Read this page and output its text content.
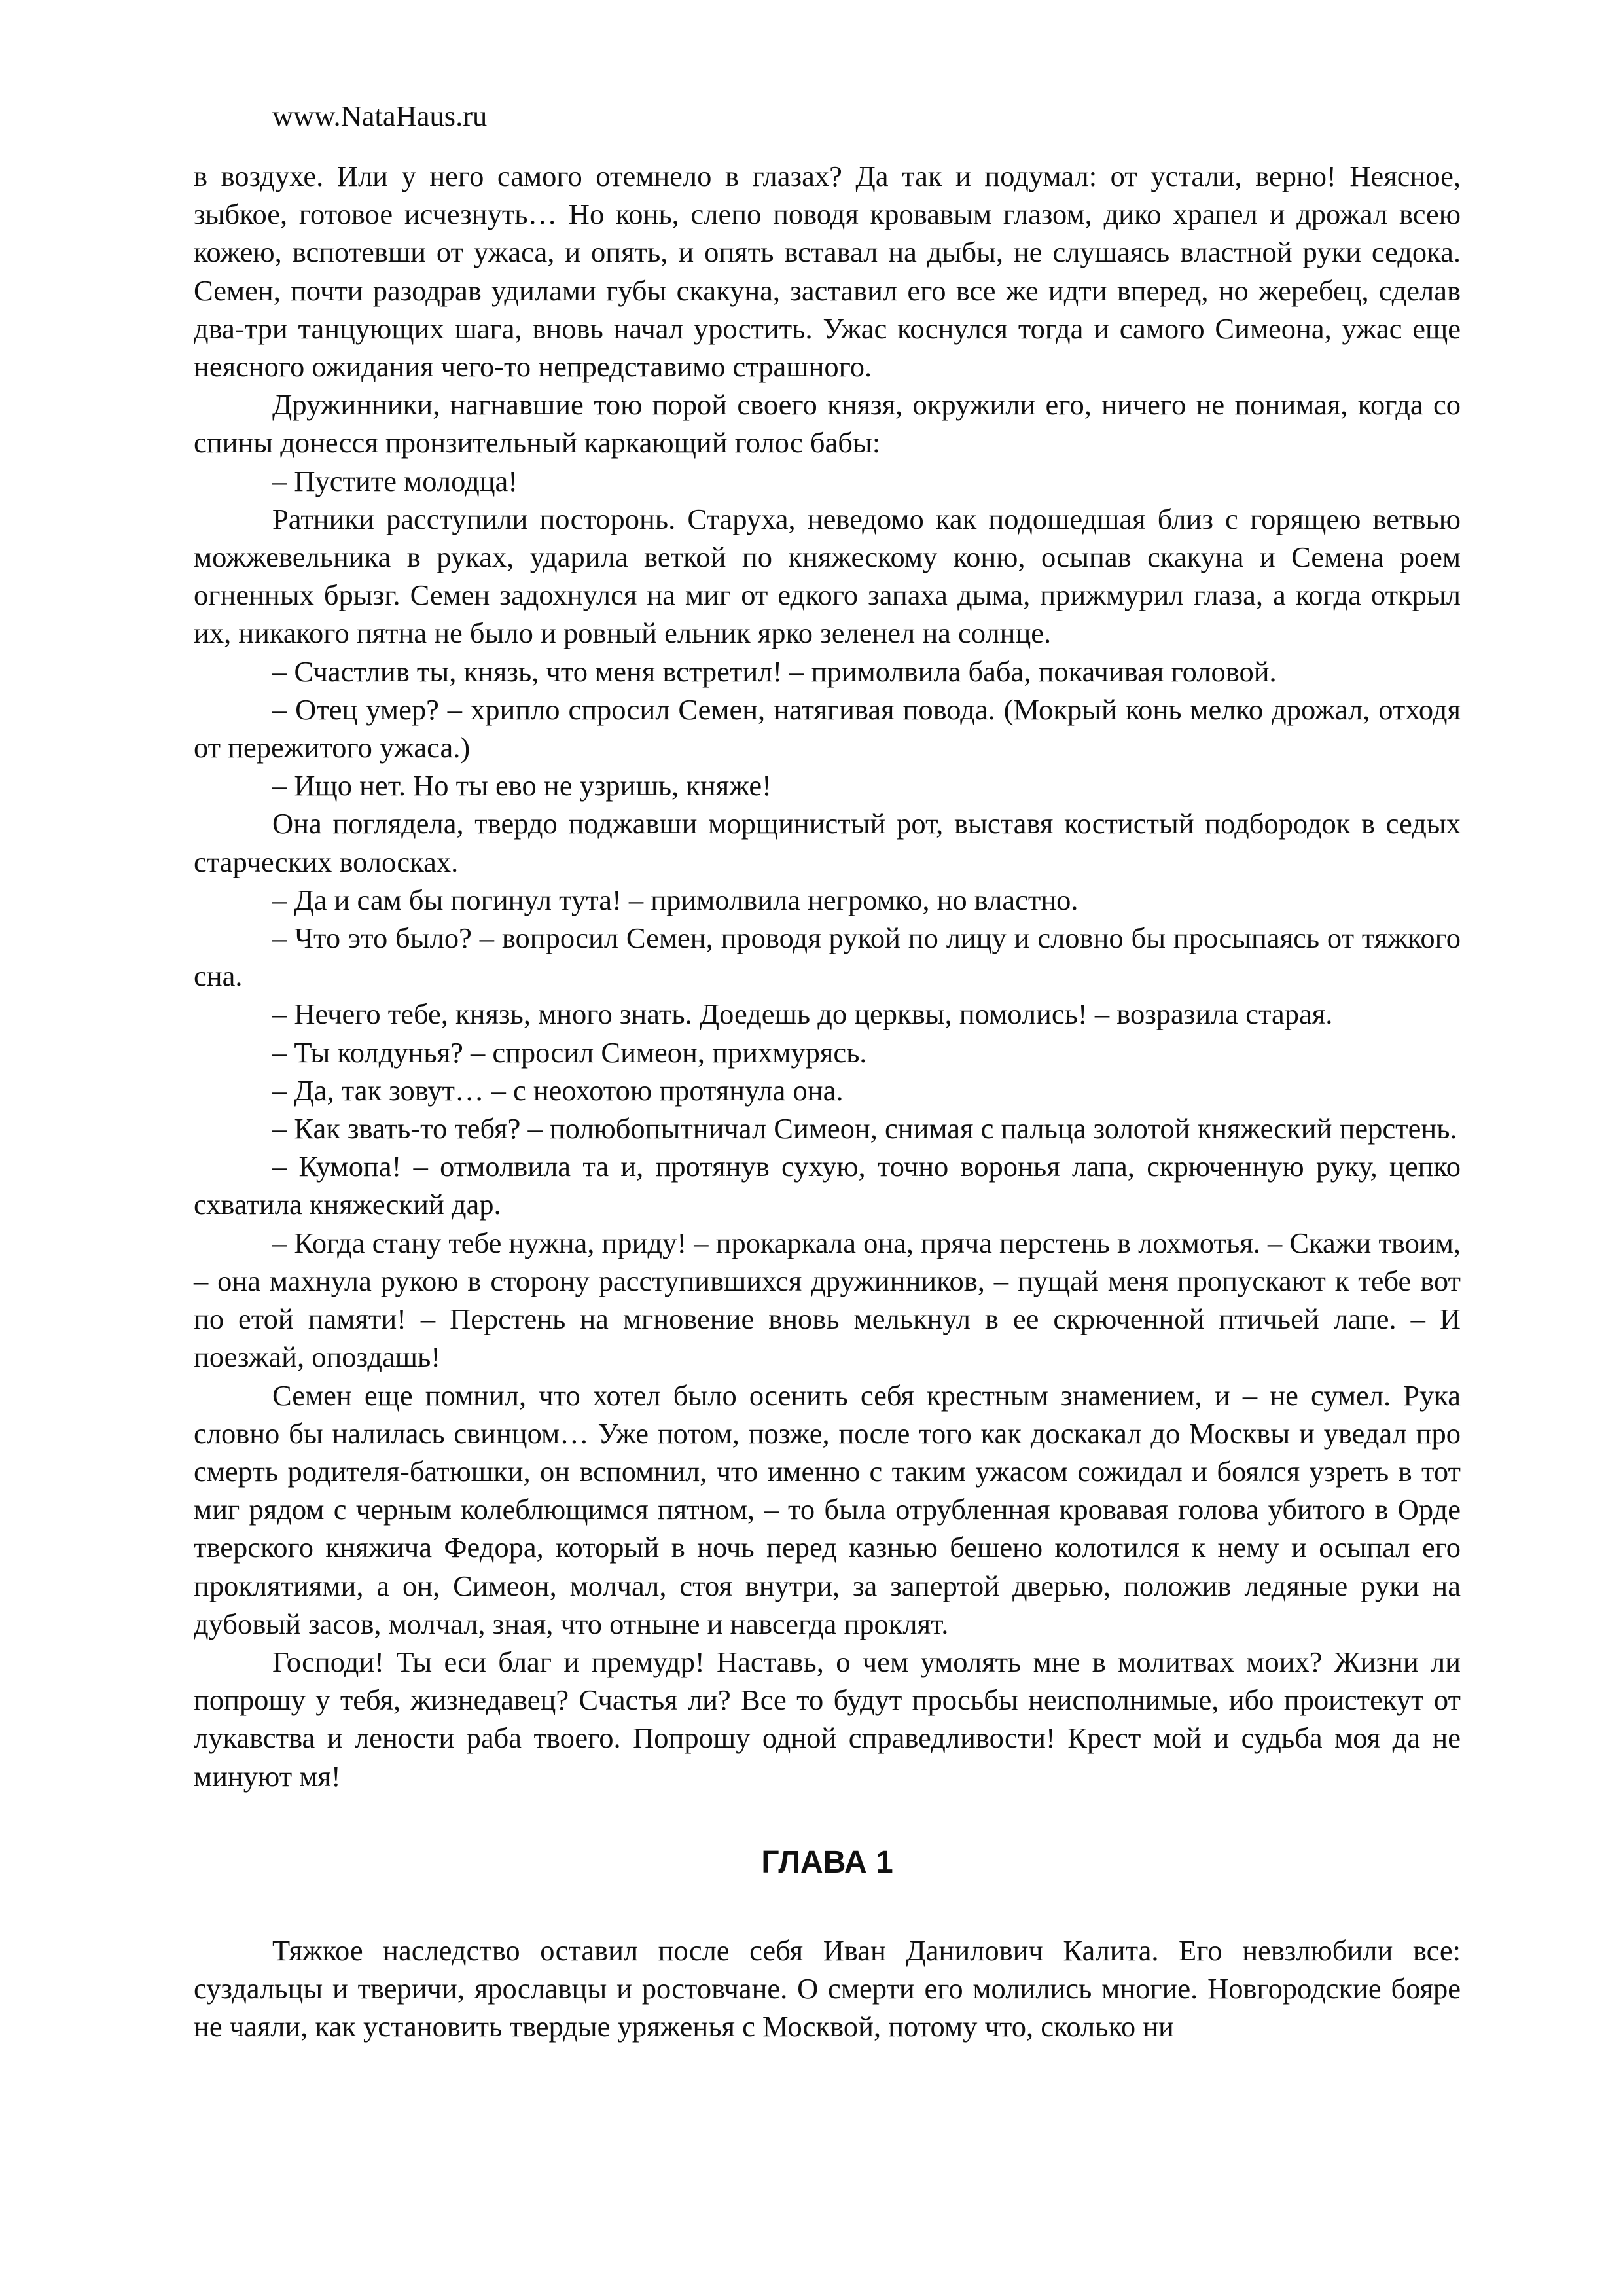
www.NataHaus.ru

в воздухе. Или у него самого отемнело в глазах? Да так и подумал: от устали, верно! Неясное, зыбкое, готовое исчезнуть… Но конь, слепо поводя кровавым глазом, дико храпел и дрожал всею кожею, вспотевши от ужаса, и опять, и опять вставал на дыбы, не слушаясь властной руки седока. Семен, почти разодрав удилами губы скакуна, заставил его все же идти вперед, но жеребец, сделав два-три танцующих шага, вновь начал уростить. Ужас коснулся тогда и самого Симеона, ужас еще неясного ожидания чего-то непредставимо страшного.

Дружинники, нагнавшие тою порой своего князя, окружили его, ничего не понимая, когда со спины донесся пронзительный каркающий голос бабы:

– Пустите молодца!

Ратники расступили посторонь. Старуха, неведомо как подошедшая близ с горящею ветвью можжевельника в руках, ударила веткой по княжескому коню, осыпав скакуна и Семена роем огненных брызг. Семен задохнулся на миг от едкого запаха дыма, прижмурил глаза, а когда открыл их, никакого пятна не было и ровный ельник ярко зеленел на солнце.

– Счастлив ты, князь, что меня встретил! – примолвила баба, покачивая головой.

– Отец умер? – хрипло спросил Семен, натягивая повода. (Мокрый конь мелко дрожал, отходя от пережитого ужаса.)

– Ищо нет. Но ты ево не узришь, княже!

Она поглядела, твердо поджавши морщинистый рот, выставя костистый подбородок в седых старческих волосках.

– Да и сам бы погинул тута! – примолвила негромко, но властно.

– Что это было? – вопросил Семен, проводя рукой по лицу и словно бы просыпаясь от тяжкого сна.

– Нечего тебе, князь, много знать. Доедешь до церквы, помолись! – возразила старая.

– Ты колдунья? – спросил Симеон, прихмурясь.

– Да, так зовут… – с неохотою протянула она.

– Как звать-то тебя? – полюбопытничал Симеон, снимая с пальца золотой княжеский перстень.

– Кумопа! – отмолвила та и, протянув сухую, точно воронья лапа, скрюченную руку, цепко схватила княжеский дар.

– Когда стану тебе нужна, приду! – прокаркала она, пряча перстень в лохмотья. – Скажи твоим, – она махнула рукою в сторону расступившихся дружинников, – пущай меня пропускают к тебе вот по етой памяти! – Перстень на мгновение вновь мелькнул в ее скрюченной птичьей лапе. – И поезжай, опоздашь!

Семен еще помнил, что хотел было осенить себя крестным знамением, и – не сумел. Рука словно бы налилась свинцом… Уже потом, позже, после того как доскакал до Москвы и уведал про смерть родителя-батюшки, он вспомнил, что именно с таким ужасом сожидал и боялся узреть в тот миг рядом с черным колеблющимся пятном, – то была отрубленная кровавая голова убитого в Орде тверского княжича Федора, который в ночь перед казнью бешено колотился к нему и осыпал его проклятиями, а он, Симеон, молчал, стоя внутри, за запертой дверью, положив ледяные руки на дубовый засов, молчал, зная, что отныне и навсегда проклят.

Господи! Ты еси благ и премудр! Наставь, о чем умолять мне в молитвах моих? Жизни ли попрошу у тебя, жизнедавец? Счастья ли? Все то будут просьбы неисполнимые, ибо проистекут от лукавства и лености раба твоего. Попрошу одной справедливости! Крест мой и судьба моя да не минуют мя!

ГЛАВА 1

Тяжкое наследство оставил после себя Иван Данилович Калита. Его невзлюбили все: суздальцы и тверичи, ярославцы и ростовчане. О смерти его молились многие. Новгородские бояре не чаяли, как установить твердые уряженья с Москвой, потому что, сколько ни
